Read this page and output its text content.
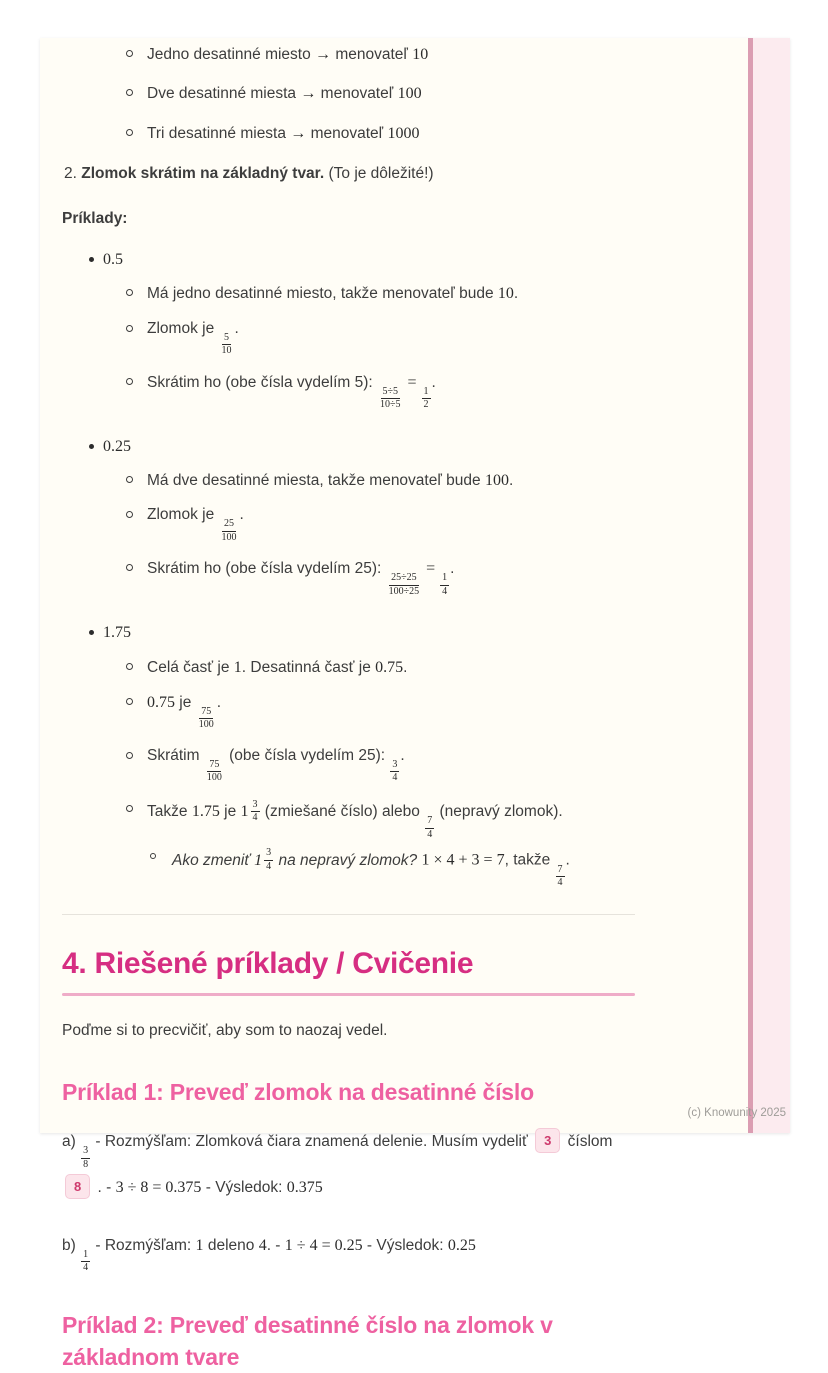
Jedno desatinné miesto → menovateľ 10
Dve desatinné miesta → menovateľ 100
Tri desatinné miesta → menovateľ 1000

2. Zlomok skrátim na základný tvar. (To je dôležité!)

Príklady:

0.5

Má jedno desatinné miesto, takže menovateľ bude 10.
Zlomok je
$\frac{5}{10}$
.
Skrátim ho (obe čísla vydelím 5):
$\frac{5\div 5}{10\div 5}$
=
$\frac{1}{2}$
.

0.25

Má dve desatinné miesta, takže menovateľ bude 100.
Zlomok je
$\frac{25}{100}$
.
Skrátim ho (obe čísla vydelím 25):
$\frac{25\div 25}{100\div 25}$
=
$\frac{1}{4}$
.

1.75

Celá časť je 1. Desatinná časť je 0.75.
0.75 je
$\frac{75}{100}$
.
Skrátim
$\frac{75}{100}$
(obe čísla vydelím 25):
$\frac{3}{4}$
.
Takže 1.75 je $1 \frac{3}{4}$ (zmiešané číslo) alebo
$\frac{7}{4}$
(nepravý zlomok).
Ako zmeniť $1 \frac{3}{4}$ na nepravý zlomok? 1 × 4 + 3 = 7, takže
$\frac{7}{4}$
.
4. Riešené príklady / Cvičenie

Poďme si to precvičiť, aby som to naozaj vedel.

Príklad 1: Preveď zlomok na desatinné číslo

a)
$\frac{3}{8}$
- Rozmýšľam: Zlomková čiara znamená delenie. Musím vydeliť 3 číslom 8 . - 3 ÷ 8 = 0.375 - Výsledok: 0.375

b)
$\frac{1}{4}$
- Rozmýšľam: 1 deleno 4. - 1 ÷ 4 = 0.25 - Výsledok: 0.25

Príklad 2: Preveď desatinné číslo na zlomok v základnom tvare
(c) Knowunity 2025
